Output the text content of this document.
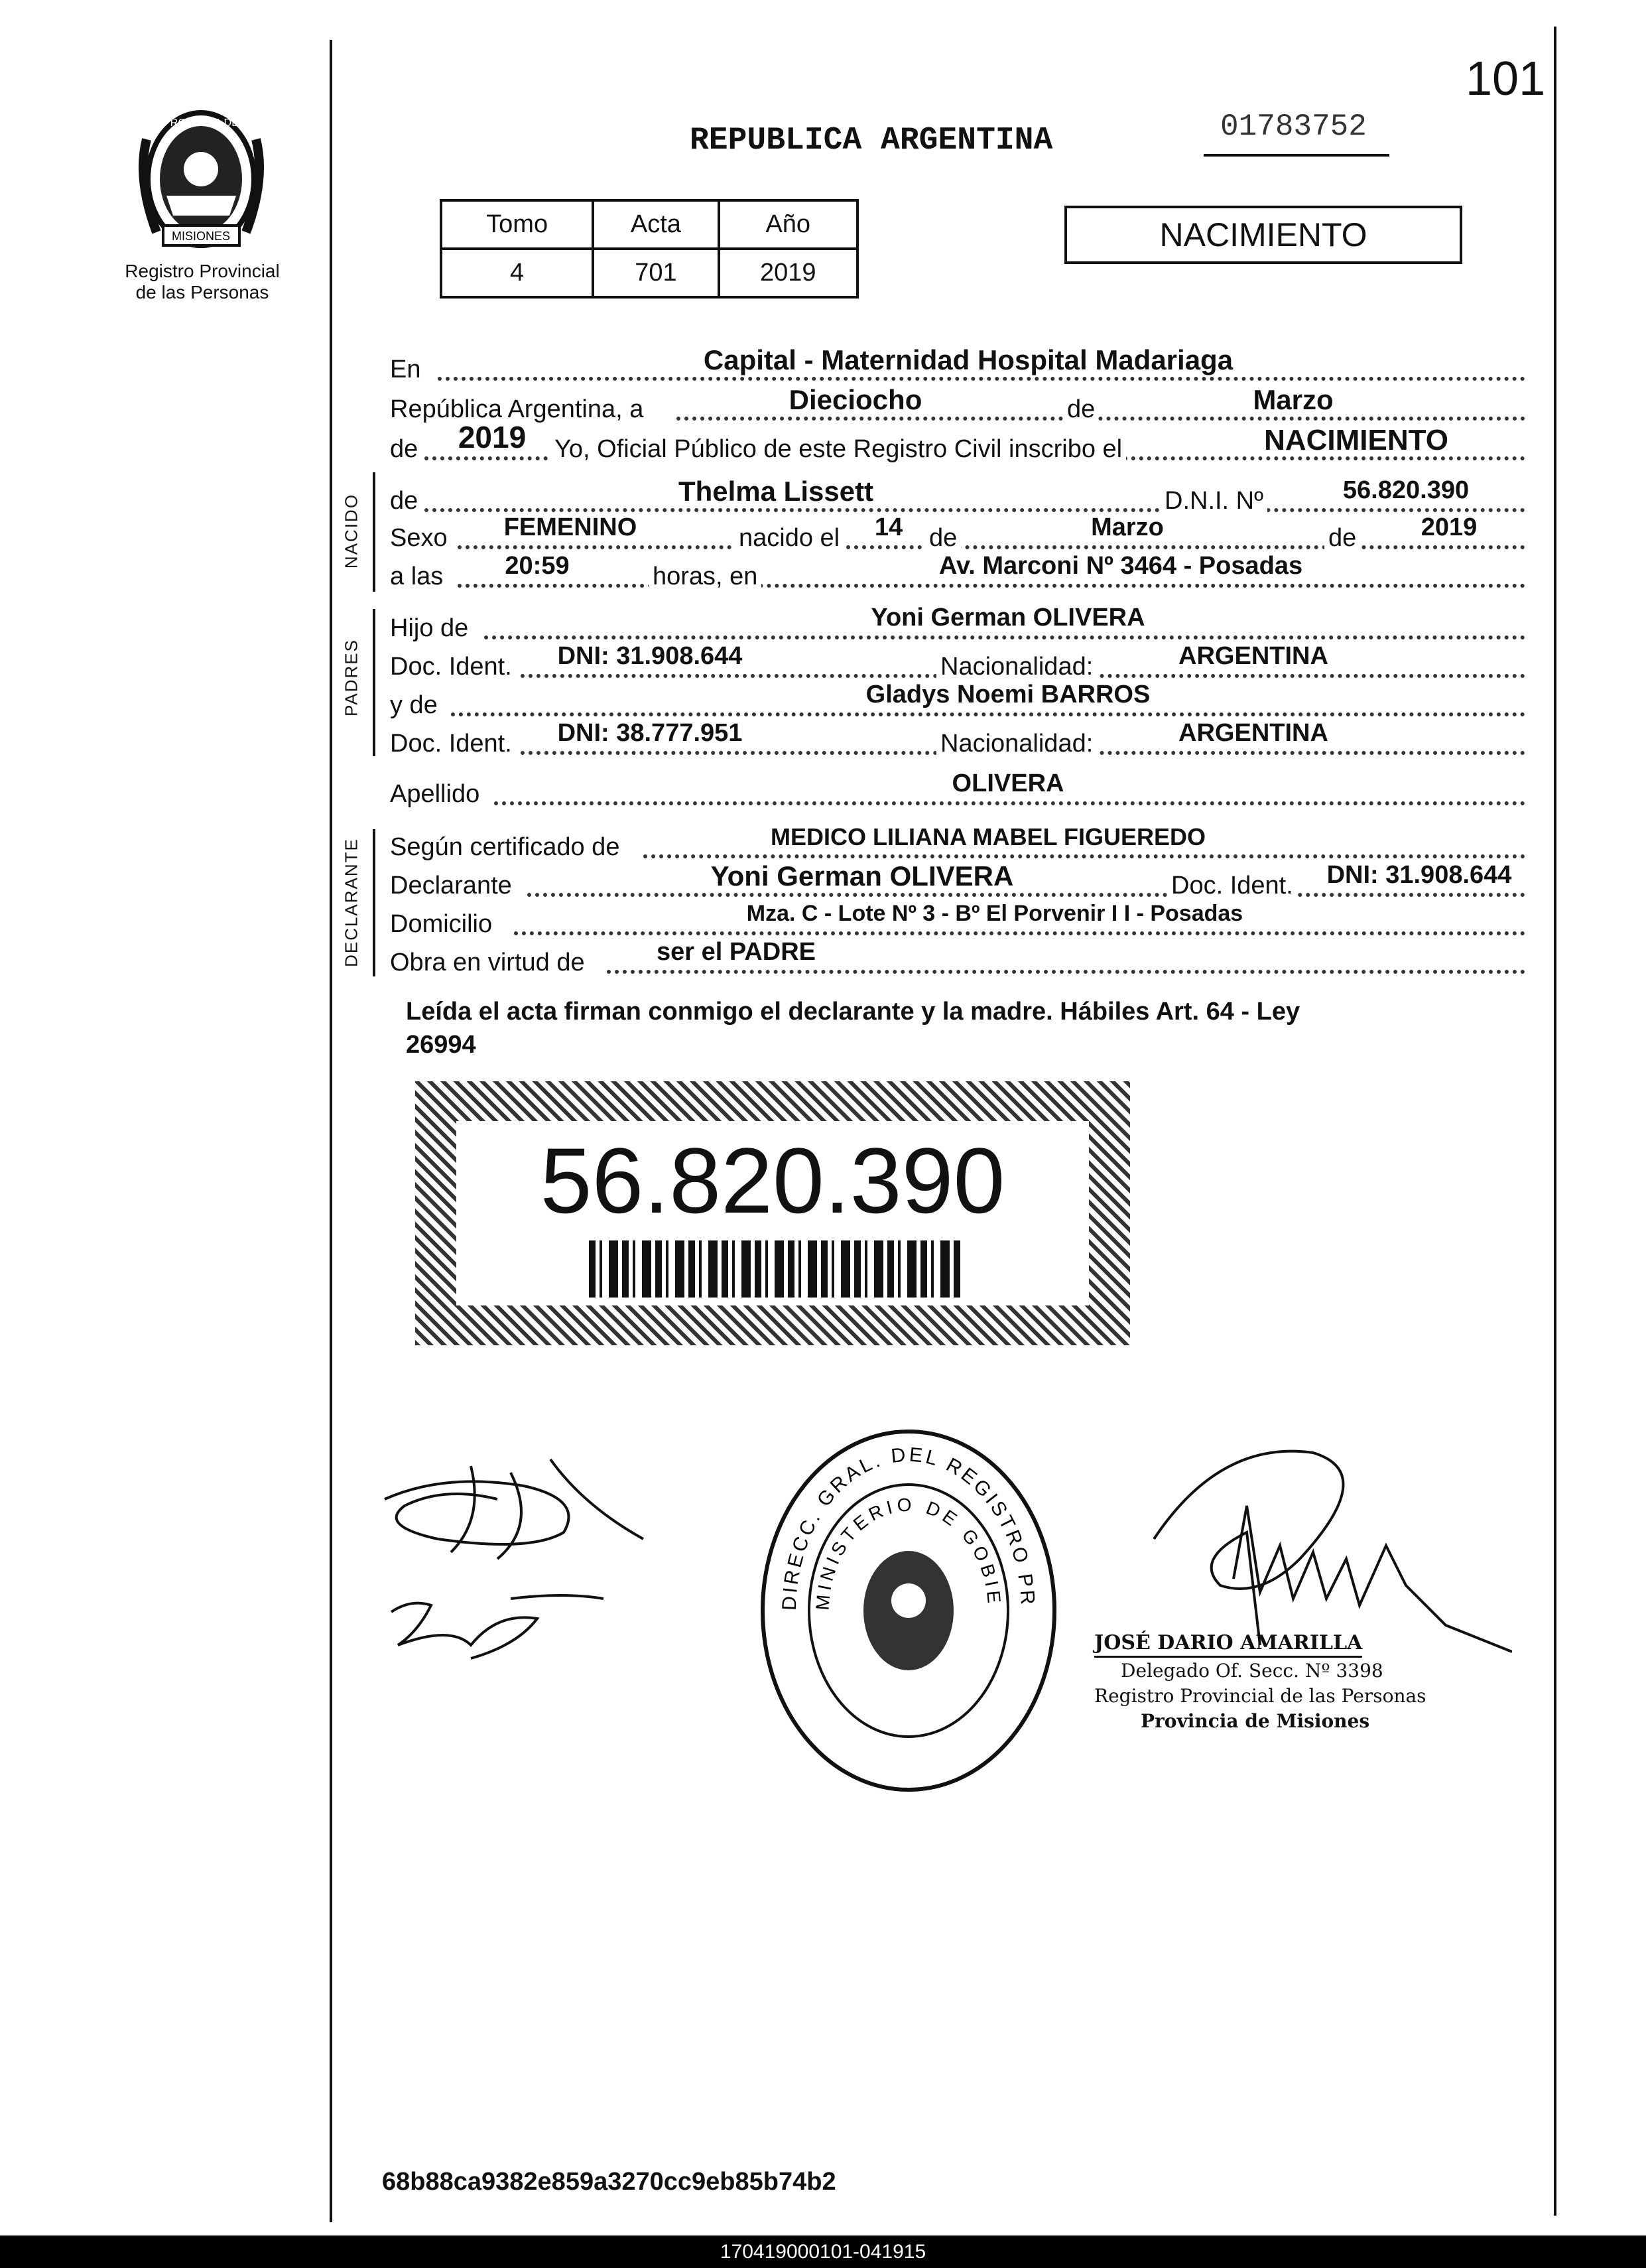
101
MISIONES
PROVINCIA DE
Registro Provincial
de las Personas
REPUBLICA ARGENTINA	01783752
Tomo	Acta	Año
4	701	2019
NACIMIENTO
En	Capital - Maternidad Hospital Madariaga
República Argentina, a	Dieciocho	de	Marzo
de	2019	Yo, Oficial Público de este Registro Civil inscribo el	NACIMIENTO
NACIDO de	Thelma Lissett	D.N.I. Nº	56.820.390
Sexo	FEMENINO	nacido el	14	de	Marzo	de	2019
a las	20:59	horas, en	Av. Marconi Nº 3464 - Posadas
PADRES
Hijo de	Yoni German OLIVERA
Doc. Ident.	DNI: 31.908.644	Nacionalidad:	ARGENTINA
y de	Gladys Noemi BARROS
Doc. Ident.	DNI: 38.777.951	Nacionalidad:	ARGENTINA
Apellido	OLIVERA
DECLARANTE Según certificado de	MEDICO LILIANA MABEL FIGUEREDO
Declarante	Yoni German OLIVERA	Doc. Ident.	DNI: 31.908.644
Domicilio	Mza. C - Lote Nº 3 - Bº El Porvenir I I - Posadas
Obra en virtud de	ser el PADRE
Leída el acta firman conmigo el declarante y la madre. Hábiles Art. 64 - Ley
26994
56.820.390
DIRECC. GRAL. DEL REGISTRO PR
MINISTERIO DE GOBIE
JOSÉ DARIO AMARILLA
Delegado Of. Secc. Nº 3398
Registro Provincial de las Personas
Provincia de Misiones
68b88ca9382e859a3270cc9eb85b74b2
170419000101-041915
